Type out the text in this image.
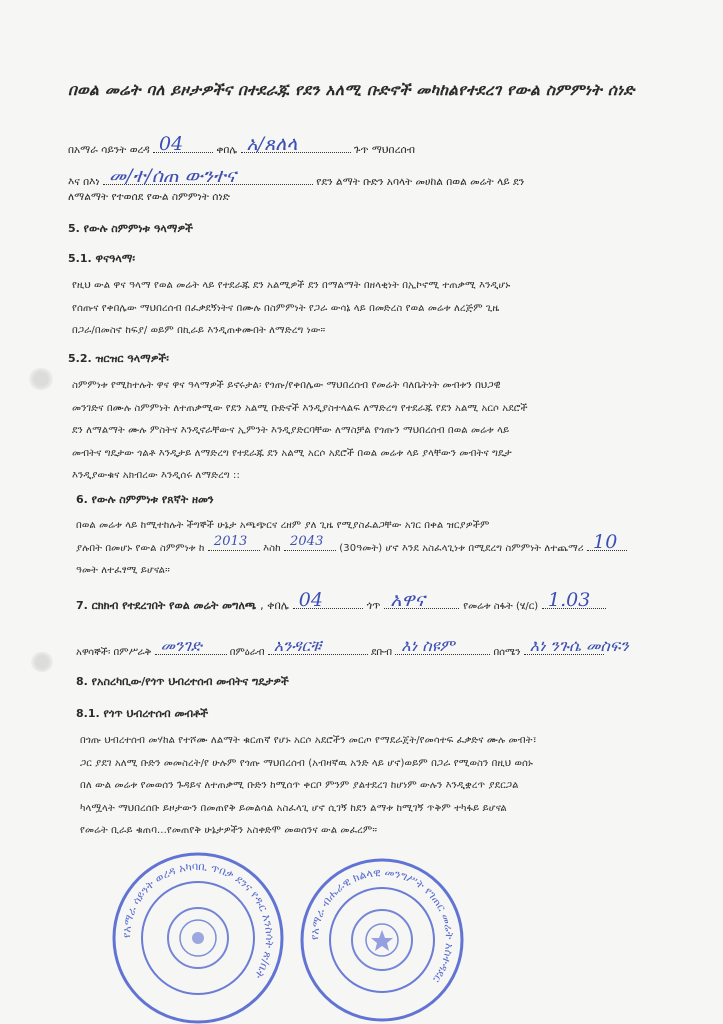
በወል መሬት ባለ ይዞታዎችና በተደራጁ የደን አለሚ ቡድኖች መካከልየተደረገ የውል ስምምነት ሰነድ
በአማራ ሳይንት ወረዳ 04	ቀበሌ አ/ጸለላ	ጉጥ ማህበረሰብ
እና በእነ መ/ተ/ሰጠ ውንተና	የደን ልማት ቡድን አባላት መሀከል በወል መሬት ላይ ደን
ለማልማት የተወሰደ የውል ስምምነት ሰነድ
5. የውሉ ስምምነቱ ዓላማዎች
5.1. ዋናዓላማ፡
የዚህ ውል ዋና ዓላማ የወል መሬት ላይ የተደራጁ ደን አልሚዎች ደን በማልማት በዘላቂነት በኢኮኖሚ ተጠቃሚ እንዲሆኑ
የሰጡና የቀበሌው ማህበረሰብ በፈቃደኝነትና በሙሉ በስምምነት የጋራ ውሳኔ ላይ በመድረስ የወል መሬቱ ለረጅም ጊዜ
በጋራ/በመስኖ ከፍያ/ ወይም በኪራይ እንዲጠቀሙበት ለማድረግ ነው።
5.2. ዝርዝር ዓላማዎች፡
ስምምነቱ የሚከተሉት ዋና ዋና ዓላማዎች ይኖሩታል፡ የጎጡ/የቀበሌው ማህበረሰብ የመሬት ባለቤትነት መብቱን በህጋዊ
መንገድና በሙሉ ስምምነት ለተጠቃሚው የደን አልሚ ቡድኖች እንዲያስተላልፍ ለማድረግ የተደራጁ የደን አልሚ አርሶ አደሮች
ደን ለማልማት ሙሉ ምስትና እንዲኖራቸውና ኢምንት እንዲያድርባቸው ለማስቻል የጎጡን ማህበረሰብ በወል መሬቱ ላይ
መብትና ግዴታው ጎልቶ እንዲታይ ለማድረግ የተደራጁ ደን አልሚ አርሶ አደሮች በወል መሬቱ ላይ ያላቸውን መብትና ግዴታ
እንዲያውቁና አክብረው እንዲሰሩ ለማድረግ ::
6. የውሉ ስምምነቱ የጸኛት ዘመን
በወል መሬቱ ላይ ከሚተከሉት ችግኞች ሁኔታ አጫጭርና ረዘም ያለ ጊዜ የሚያስፈልጋቸው አገር በቀል ዝርያዎችም
ያሉበት በመሆኑ የውል ስምምነቱ ከ 2013 እስከ 2043 (30ዓመት) ሆኖ እንደ አስፈላጊነቱ በሚደረግ ስምምነት ለተጨማሪ 10
ዓመት ለተፈፃሚ ይሆናል።
7. ርክክብ የተደረገበት የወል መሬት መግለጫ , ቀበሌ 04	ጎጥ አዋና	የመሬቱ ስፋት (ሄ/ር) 1.03
አዋሳኞች፡ በምሥራቅ መንገድ	በምዕራብ አንዳርቹ	ደቡብ እነ ስዩም	በሰሜን እነ ንጉሴ መስፍን
8. የአስረካቢው/የጎጥ ህብረተሰብ መብትና ግዴታዎች
8.1. የጎጥ ህብረተሰብ መብቶች
በጎጡ ህብረተሰብ መሃከል የተሾሙ ለልማት ቁርጠኛ የሆኑ አርሶ አደሮችን መርጦ የማደራጀት/የመሳተፍ ፈቃድና ሙሉ መብት፣
ጋር ያደገ አለሚ ቡድን መመስረት/የ ሁሉም የጎጡ ማህበረሰብ (አብዛኛዉ አንድ ላይ ሆኖ)ወይም በጋራ የሚወስን በዚህ ወሰኑ
በለ ውል መሬቱ የመወሰን ጉዳይና ለተጠቃሚ ቡድን ከሚሰጥ ቀርቦ ምንም ያልተደረገ ከሆነም ውሉን እንዲቋረጥ ያደርጋል
ካላሟላት ማህበረሰቡ ይዞታውን በመጠየቅ ይመልሳል አስፈላጊ ሆኖ ሲገኝ ከደን ልማቱ ከሚገኝ ጥቅም ተካፋይ ይሆናል
የመሬት ቢራይ ቁጠባ...የመጠየቅ ሁኔታዎችን አስቀድሞ መወሰንና ውል መፈረም።
የአማራ ሳይንት ወረዳ አካባቢ ጥበቃ ደንና የዱር እንስሳት ጽ/ቤት
የአማራ ብሔራዊ ክልላዊ መንግሥት የገጠር መሬት አስተዳደር
